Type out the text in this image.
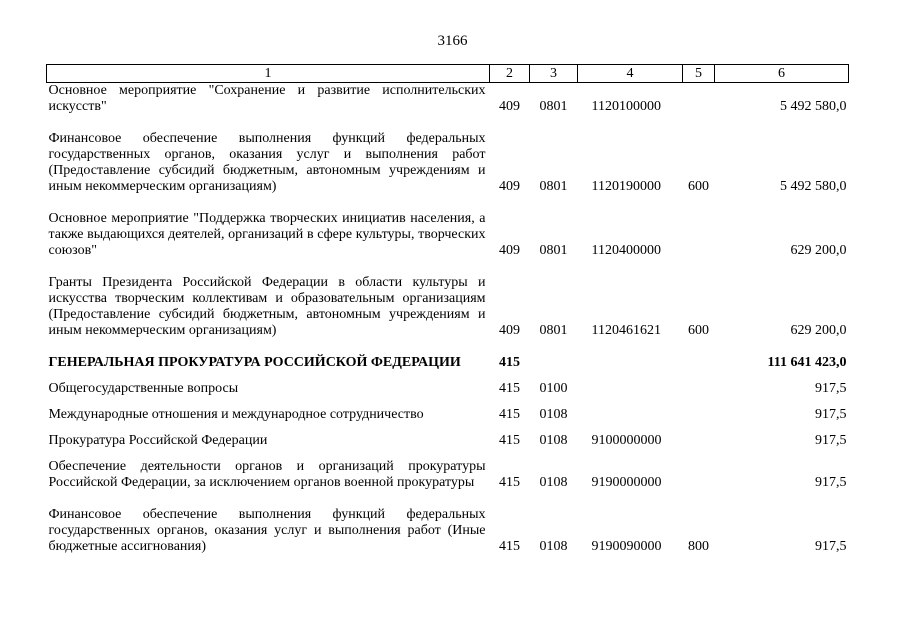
3166
1	2	3	4	5	6
Основное мероприятие "Сохранение и развитие исполнительских искусств"	409	0801	1120100000		5 492 580,0

Финансовое обеспечение выполнения функций федеральных государственных органов, оказания услуг и выполнения работ (Предоставление субсидий бюджетным, автономным учреждениям и иным некоммерческим организациям)	409	0801	1120190000	600	5 492 580,0

Основное мероприятие "Поддержка творческих инициатив населения, а также выдающихся деятелей, организаций в сфере культуры, творческих союзов"	409	0801	1120400000		629 200,0

Гранты Президента Российской Федерации в области культуры и искусства творческим коллективам и образовательным организациям (Предоставление субсидий бюджетным, автономным учреждениям и иным некоммерческим организациям)	409	0801	1120461621	600	629 200,0

ГЕНЕРАЛЬНАЯ ПРОКУРАТУРА РОССИЙСКОЙ ФЕДЕРАЦИИ	415				111 641 423,0

Общегосударственные вопросы	415	0100			917,5

Международные отношения и международное сотрудничество	415	0108			917,5

Прокуратура Российской Федерации	415	0108	9100000000		917,5

Обеспечение деятельности органов и организаций прокуратуры Российской Федерации, за исключением органов военной прокуратуры	415	0108	9190000000		917,5

Финансовое обеспечение выполнения функций федеральных государственных органов, оказания услуг и выполнения работ (Иные бюджетные ассигнования)	415	0108	9190090000	800	917,5
